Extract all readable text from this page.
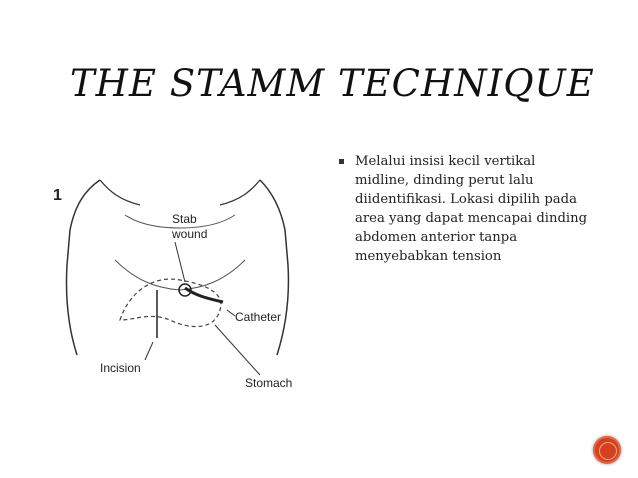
THE STAMM TECHNIQUE
1
Stab
wound
Catheter
Incision
Stomach
Melalui insisi kecil vertikal midline, dinding perut lalu diidentifikasi. Lokasi dipilih pada area yang dapat mencapai dinding abdomen anterior tanpa menyebabkan tension
